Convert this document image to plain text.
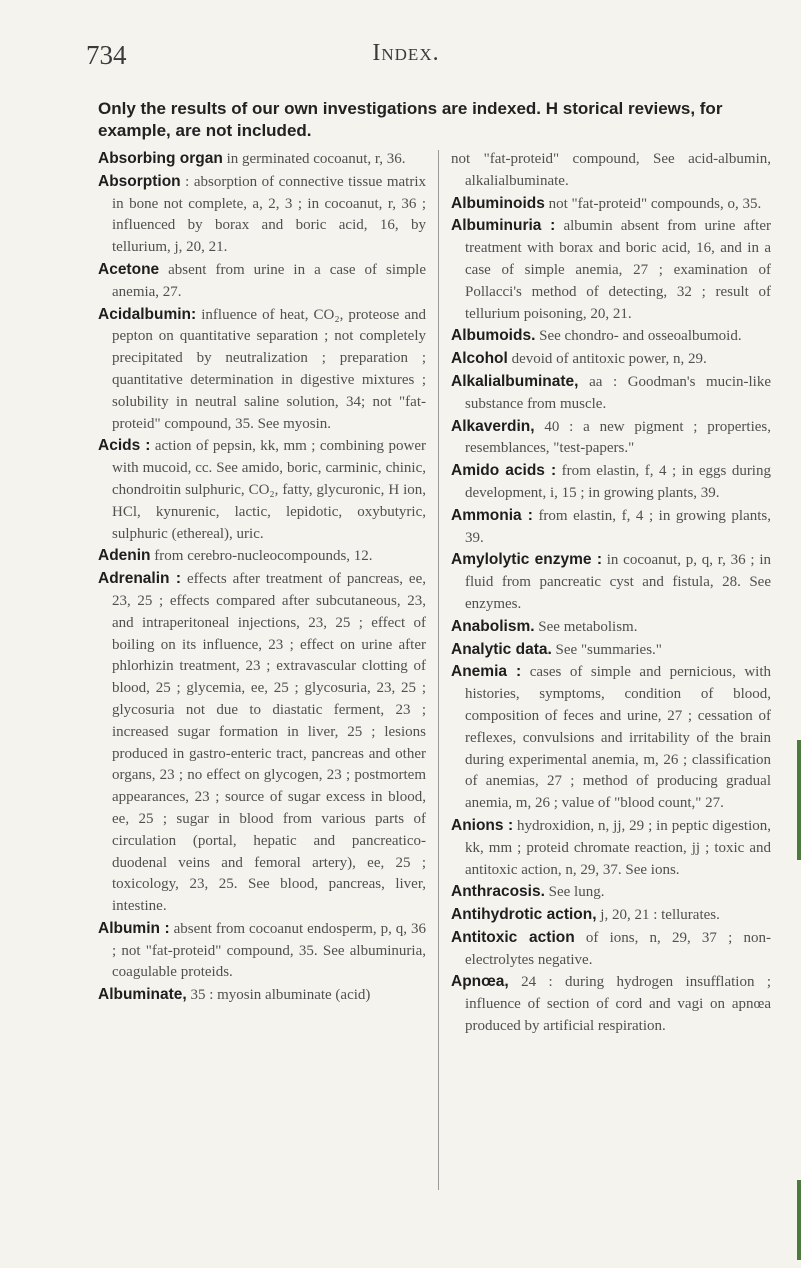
734	Index.
Only the results of our own investigations are indexed. H storical reviews, for example, are not included.

Absorbing organ in germinated cocoanut, r, 36.

Absorption : absorption of connective tissue matrix in bone not complete, a, 2, 3 ; in cocoanut, r, 36 ; influenced by borax and boric acid, 16, by tellurium, j, 20, 21.

Acetone absent from urine in a case of simple anemia, 27.

Acidalbumin: influence of heat, CO₂, proteose and pepton on quantitative separation ; not completely precipitated by neutralization ; preparation ; quantitative determination in digestive mixtures ; solubility in neutral saline solution, 34; not "fat-proteid" compound, 35. See myosin.

Acids : action of pepsin, kk, mm ; combining power with mucoid, cc. See amido, boric, carminic, chinic, chondroitin sulphuric, CO₂, fatty, glycuronic, H ion, HCl, kynurenic, lactic, lepidotic, oxybutyric, sulphuric (ethereal), uric.

Adenin from cerebro-nucleocompounds, 12.

Adrenalin : effects after treatment of pancreas, ee, 23, 25 ; effects compared after subcutaneous, 23, and intraperitoneal injections, 23, 25 ; effect of boiling on its influence, 23 ; effect on urine after phlorhizin treatment, 23 ; extravascular clotting of blood, 25 ; glycemia, ee, 25 ; glycosuria, 23, 25 ; glycosuria not due to diastatic ferment, 23 ; increased sugar formation in liver, 25 ; lesions produced in gastro-enteric tract, pancreas and other organs, 23 ; no effect on glycogen, 23 ; postmortem appearances, 23 ; source of sugar excess in blood, ee, 25 ; sugar in blood from various parts of circulation (portal, hepatic and pancreatico-duodenal veins and femoral artery), ee, 25 ; toxicology, 23, 25. See blood, pancreas, liver, intestine.

Albumin : absent from cocoanut endosperm, p, q, 36 ; not "fat-proteid" compound, 35. See albuminuria, coagulable proteids.

Albuminate, 35 : myosin albuminate (acid)

not "fat-proteid" compound, See acid-albumin, alkalialbuminate.

Albuminoids not "fat-proteid" compounds, o, 35.

Albuminuria : albumin absent from urine after treatment with borax and boric acid, 16, and in a case of simple anemia, 27 ; examination of Pollacci's method of detecting, 32 ; result of tellurium poisoning, 20, 21.

Albumoids. See chondro- and osseoalbumoid.

Alcohol devoid of antitoxic power, n, 29.

Alkalialbuminate, aa : Goodman's mucin-like substance from muscle.

Alkaverdin, 40 : a new pigment ; properties, resemblances, "test-papers."

Amido acids : from elastin, f, 4 ; in eggs during development, i, 15 ; in growing plants, 39.

Ammonia : from elastin, f, 4 ; in growing plants, 39.

Amylolytic enzyme : in cocoanut, p, q, r, 36 ; in fluid from pancreatic cyst and fistula, 28. See enzymes.

Anabolism. See metabolism.

Analytic data. See "summaries."

Anemia : cases of simple and pernicious, with histories, symptoms, condition of blood, composition of feces and urine, 27 ; cessation of reflexes, convulsions and irritability of the brain during experimental anemia, m, 26 ; classification of anemias, 27 ; method of producing gradual anemia, m, 26 ; value of "blood count," 27.

Anions : hydroxidion, n, jj, 29 ; in peptic digestion, kk, mm ; proteid chromate reaction, jj ; toxic and antitoxic action, n, 29, 37. See ions.

Anthracosis. See lung.

Antihydrotic action, j, 20, 21 : tellurates.

Antitoxic action of ions, n, 29, 37 ; non-electrolytes negative.

Apnœa, 24 : during hydrogen insufflation ; influence of section of cord and vagi on apnœa produced by artificial respiration.
